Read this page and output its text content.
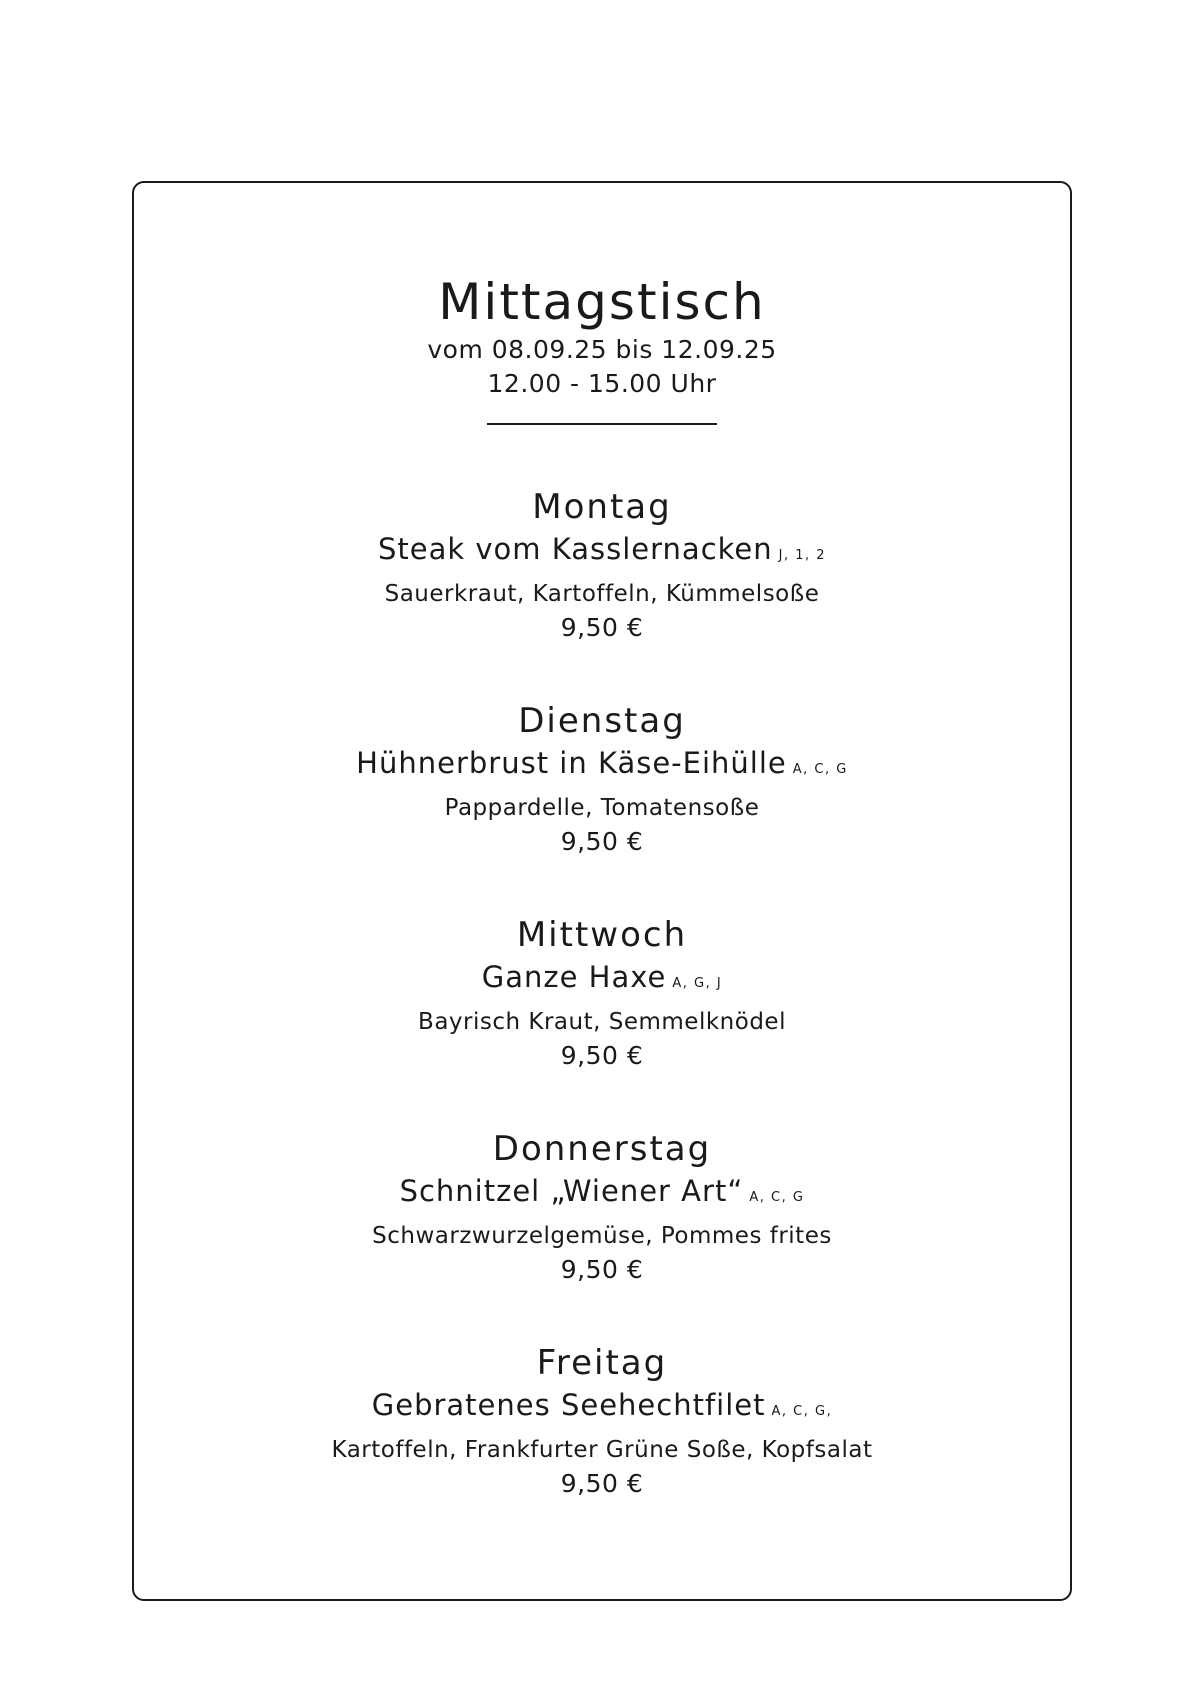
Mittagstisch

vom 08.09.25 bis 12.09.25

12.00 - 15.00 Uhr

Montag

Steak vom Kasslernacken J, 1, 2

Sauerkraut, Kartoffeln, Kümmelsoße

9,50 €

Dienstag

Hühnerbrust in Käse-Eihülle A, C, G

Pappardelle, Tomatensoße

9,50 €

Mittwoch

Ganze Haxe A, G, J

Bayrisch Kraut, Semmelknödel

9,50 €

Donnerstag

Schnitzel „Wiener Art“ A, C, G

Schwarzwurzelgemüse, Pommes frites

9,50 €

Freitag

Gebratenes Seehechtfilet A, C, G,

Kartoffeln, Frankfurter Grüne Soße, Kopfsalat

9,50 €
